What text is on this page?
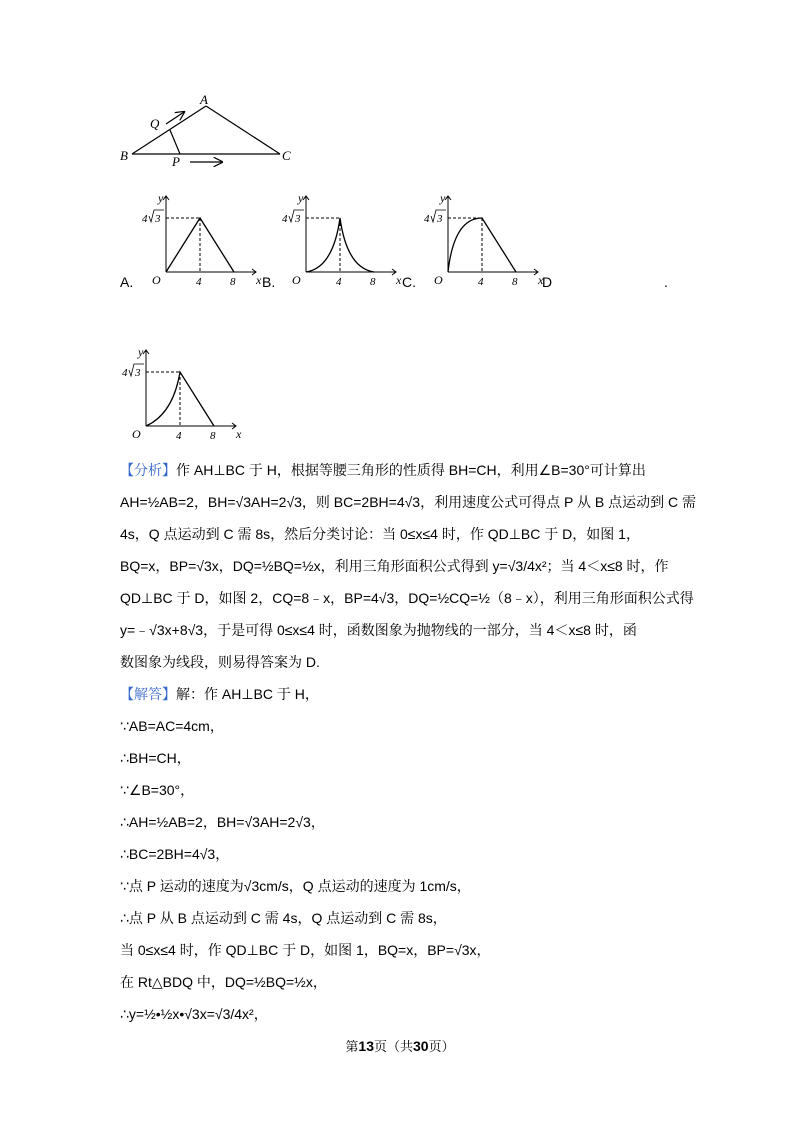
A
B	C
Q
P
y
x
O
4 3
4	8
y
x
O
4 3
4	8
y
x
O
4 3
4	8
y
x
O
4 3
4	8
A.	B.	C.	D	.

【分析】作 AH⊥BC 于 H，根据等腰三角形的性质得 BH=CH，利用∠B=30°可计算出

AH=½AB=2，BH=√3AH=2√3，则 BC=2BH=4√3，利用速度公式可得点 P 从 B 点运动到 C 需

4s，Q 点运动到 C 需 8s，然后分类讨论：当 0≤x≤4 时，作 QD⊥BC 于 D，如图 1，

BQ=x，BP=√3x，DQ=½BQ=½x，利用三角形面积公式得到 y=√3/4x²；当 4＜x≤8 时，作

QD⊥BC 于 D，如图 2，CQ=8﹣x，BP=4√3，DQ=½CQ=½（8﹣x），利用三角形面积公式得

y=﹣√3x+8√3，于是可得 0≤x≤4 时，函数图象为抛物线的一部分，当 4＜x≤8 时，函

数图象为线段，则易得答案为 D.

【解答】解：作 AH⊥BC 于 H，

∵AB=AC=4cm，

∴BH=CH，

∵∠B=30°，

∴AH=½AB=2，BH=√3AH=2√3，

∴BC=2BH=4√3，

∵点 P 运动的速度为√3cm/s，Q 点运动的速度为 1cm/s，

∴点 P 从 B 点运动到 C 需 4s，Q 点运动到 C 需 8s，

当 0≤x≤4 时，作 QD⊥BC 于 D，如图 1，BQ=x，BP=√3x，

在 Rt△BDQ 中，DQ=½BQ=½x，

∴y=½•½x•√3x=√3/4x²，

第13页（共30页）
